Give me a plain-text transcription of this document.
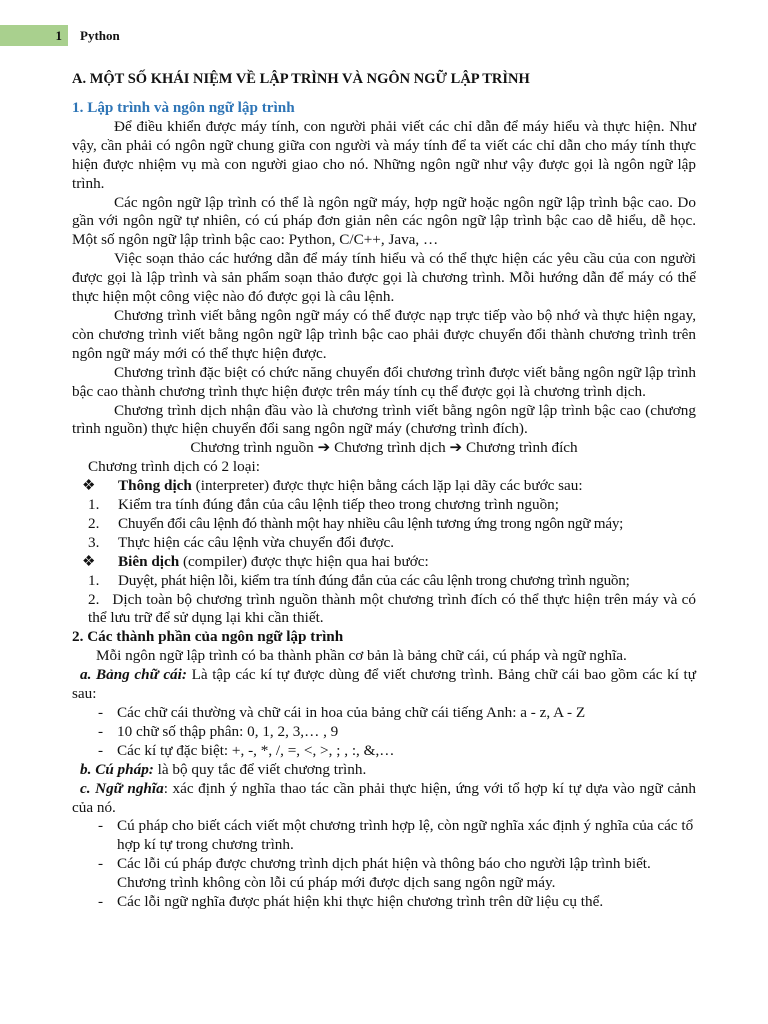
1	Python
A. MỘT SỐ KHÁI NIỆM VỀ LẬP TRÌNH VÀ NGÔN NGỮ LẬP TRÌNH
1. Lập trình và ngôn ngữ lập trình

Để điều khiển được máy tính, con người phải viết các chỉ dẫn để máy hiểu và thực hiện. Như vậy, cần phải có ngôn ngữ chung giữa con người và máy tính để ta viết các chỉ dẫn cho máy tính thực hiện được nhiệm vụ mà con người giao cho nó. Những ngôn ngữ như vậy được gọi là ngôn ngữ lập trình.

Các ngôn ngữ lập trình có thể là ngôn ngữ máy, hợp ngữ hoặc ngôn ngữ lập trình bậc cao. Do gần với ngôn ngữ tự nhiên, có cú pháp đơn giản nên các ngôn ngữ lập trình bậc cao dễ hiểu, dễ học. Một số ngôn ngữ lập trình bậc cao: Python, C/C++, Java, …

Việc soạn thảo các hướng dẫn để máy tính hiểu và có thể thực hiện các yêu cầu của con người được gọi là lập trình và sản phẩm soạn thảo được gọi là chương trình. Mỗi hướng dẫn để máy có thể thực hiện một công việc nào đó được gọi là câu lệnh.

Chương trình viết bằng ngôn ngữ máy có thể được nạp trực tiếp vào bộ nhớ và thực hiện ngay, còn chương trình viết bằng ngôn ngữ lập trình bậc cao phải được chuyển đổi thành chương trình trên ngôn ngữ máy mới có thể thực hiện được.

Chương trình đặc biệt có chức năng chuyển đổi chương trình được viết bằng ngôn ngữ lập trình bậc cao thành chương trình thực hiện được trên máy tính cụ thể được gọi là chương trình dịch.

Chương trình dịch nhận đầu vào là chương trình viết bằng ngôn ngữ lập trình bậc cao (chương trình nguồn) thực hiện chuyển đổi sang ngôn ngữ máy (chương trình đích).

Chương trình nguồn ➔ Chương trình dịch ➔ Chương trình đích

Chương trình dịch có 2 loại:

❖	Thông dịch (interpreter) được thực hiện bằng cách lặp lại dãy các bước sau:
1. Kiểm tra tính đúng đắn của câu lệnh tiếp theo trong chương trình nguồn;
2. Chuyển đổi câu lệnh đó thành một hay nhiều câu lệnh tương ứng trong ngôn ngữ máy;
3. Thực hiện các câu lệnh vừa chuyển đổi được.
❖	Biên dịch (compiler) được thực hiện qua hai bước:
1. Duyệt, phát hiện lỗi, kiểm tra tính đúng đắn của các câu lệnh trong chương trình nguồn;

2. Dịch toàn bộ chương trình nguồn thành một chương trình đích có thể thực hiện trên máy và có thể lưu trữ để sử dụng lại khi cần thiết.

2. Các thành phần của ngôn ngữ lập trình

Mỗi ngôn ngữ lập trình có ba thành phần cơ bản là bảng chữ cái, cú pháp và ngữ nghĩa.

a. Bảng chữ cái: Là tập các kí tự được dùng để viết chương trình. Bảng chữ cái bao gồm các kí tự sau:

- Các chữ cái thường và chữ cái in hoa của bảng chữ cái tiếng Anh: a - z, A - Z
- 10 chữ số thập phân: 0, 1, 2, 3,… , 9
- Các kí tự đặc biệt: +, -, *, /, =, <, >, ; , :, &,…

b. Cú pháp: là bộ quy tắc để viết chương trình.

c. Ngữ nghĩa: xác định ý nghĩa thao tác cần phải thực hiện, ứng với tổ hợp kí tự dựa vào ngữ cảnh của nó.

- Cú pháp cho biết cách viết một chương trình hợp lệ, còn ngữ nghĩa xác định ý nghĩa của các tổ hợp kí tự trong chương trình.
- Các lỗi cú pháp được chương trình dịch phát hiện và thông báo cho người lập trình biết. Chương trình không còn lỗi cú pháp mới được dịch sang ngôn ngữ máy.
- Các lỗi ngữ nghĩa được phát hiện khi thực hiện chương trình trên dữ liệu cụ thể.
